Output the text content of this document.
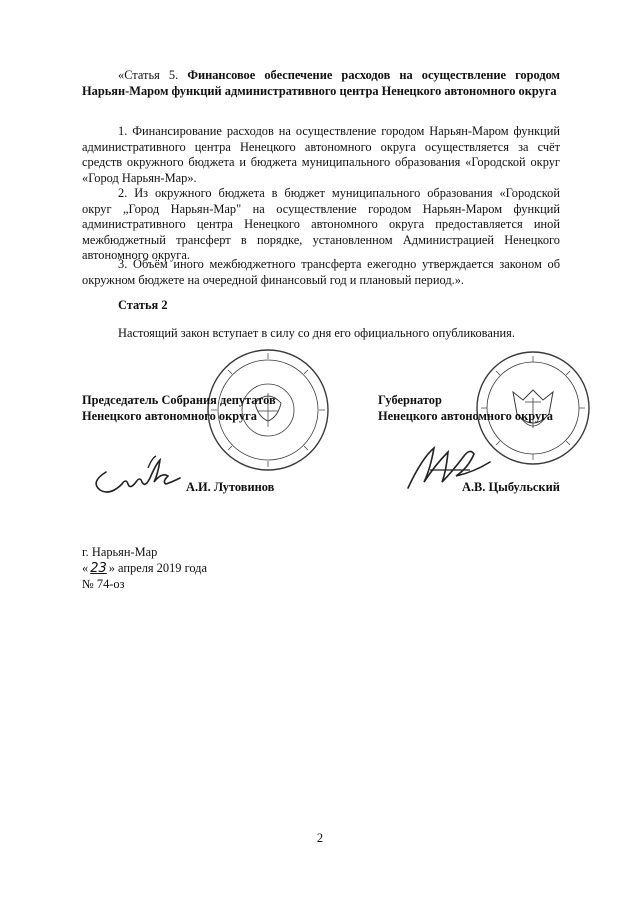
«Статья 5. Финансовое обеспечение расходов на осуществление городом Нарьян-Маром функций административного центра Ненецкого автономного округа

1. Финансирование расходов на осуществление городом Нарьян-Маром функций административного центра Ненецкого автономного округа осуществляется за счёт средств окружного бюджета и бюджета муниципального образования «Городской округ «Город Нарьян-Мар».

2. Из окружного бюджета в бюджет муниципального образования «Городской округ „Город Нарьян-Мар" на осуществление городом Нарьян-Маром функций административного центра Ненецкого автономного округа предоставляется иной межбюджетный трансферт в порядке, установленном Администрацией Ненецкого автономного округа.

3. Объём иного межбюджетного трансферта ежегодно утверждается законом об окружном бюджете на очередной финансовый год и плановый период.».

Статья 2

Настоящий закон вступает в силу со дня его официального опубликования.

Председатель Собрания депутатов
Ненецкого автономного округа
Губернатор
Ненецкого автономного округа
А.И. Лутовинов	А.В. Цыбульский
г. Нарьян-Мар
« 23 » апреля 2019 года
№ 74-оз
2
